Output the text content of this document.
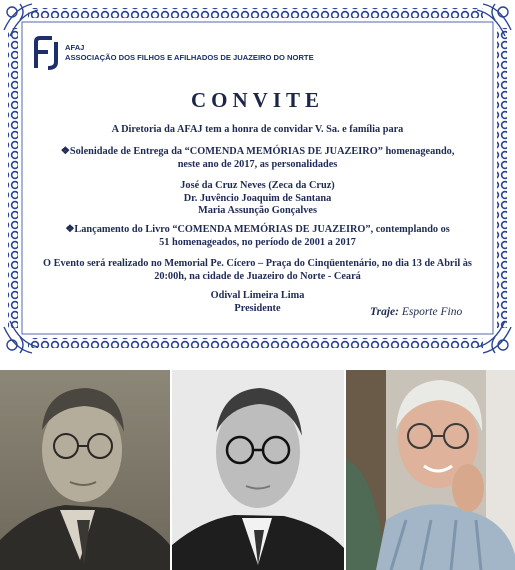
AFAJ
ASSOCIAÇÃO DOS FILHOS E AFILHADOS DE JUAZEIRO DO NORTE
CONVITE
A Diretoria da AFAJ tem a honra de convidar V. Sa. e família para
❖Solenidade de Entrega da “COMENDA MEMÓRIAS DE JUAZEIRO” homenageando,
neste ano de 2017, as personalidades
José da Cruz Neves (Zeca da Cruz)
Dr. Juvêncio Joaquim de Santana
Maria Assunção Gonçalves
❖Lançamento do Livro “COMENDA MEMÓRIAS DE JUAZEIRO”, contemplando os
51 homenageados, no período de 2001 a 2017
O Evento será realizado no Memorial Pe. Cícero – Praça do Cinqüentenário, no dia 13 de Abril às
20:00h, na cidade de Juazeiro do Norte - Ceará
Odival Limeira Lima
Presidente	Traje: Esporte Fino
